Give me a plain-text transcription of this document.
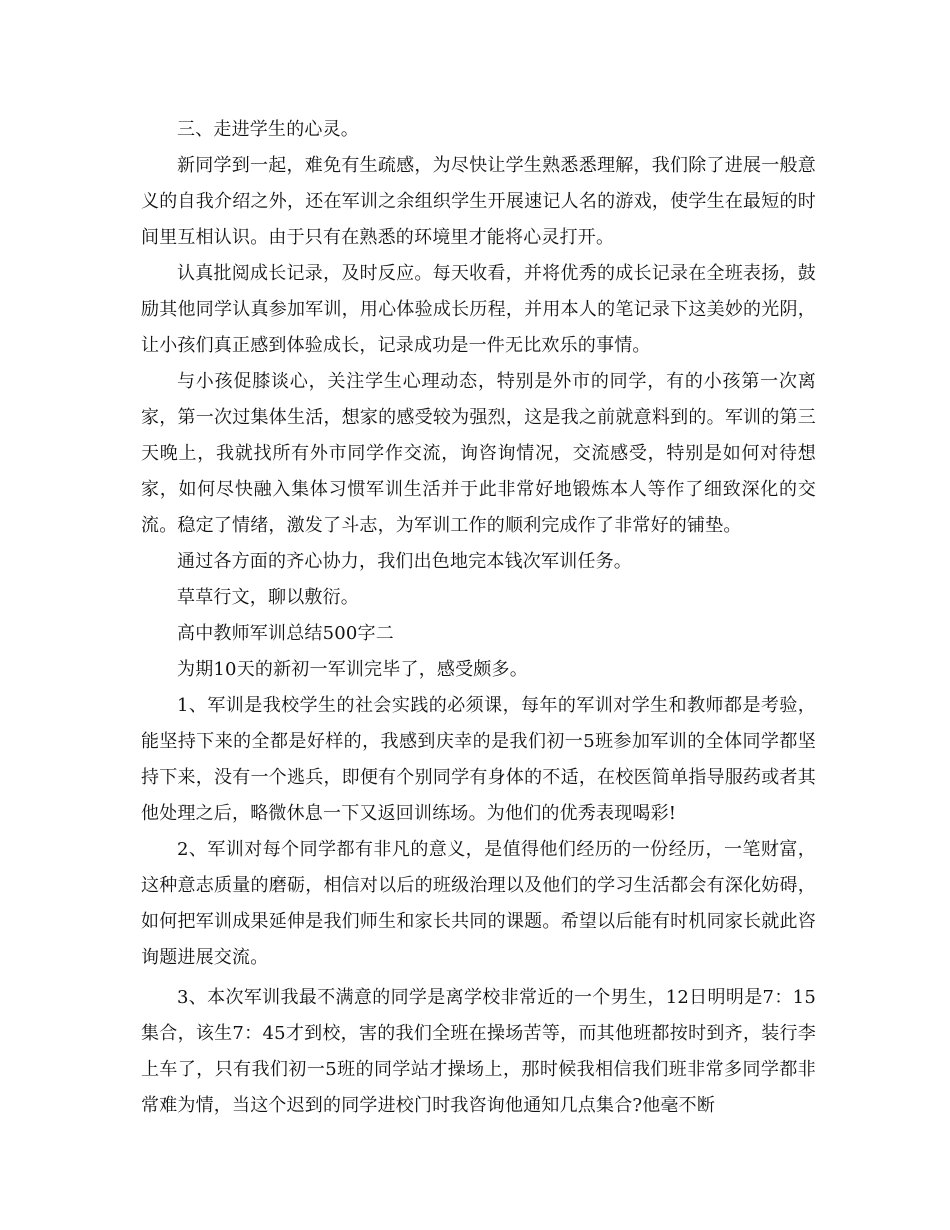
三、走进学生的心灵。

新同学到一起，难免有生疏感，为尽快让学生熟悉悉理解，我们除了进展一般意义的自我介绍之外，还在军训之余组织学生开展速记人名的游戏，使学生在最短的时间里互相认识。由于只有在熟悉的环境里才能将心灵打开。

认真批阅成长记录，及时反应。每天收看，并将优秀的成长记录在全班表扬，鼓励其他同学认真参加军训，用心体验成长历程，并用本人的笔记录下这美妙的光阴，让小孩们真正感到体验成长，记录成功是一件无比欢乐的事情。

与小孩促膝谈心，关注学生心理动态，特别是外市的同学，有的小孩第一次离家，第一次过集体生活，想家的感受较为强烈，这是我之前就意料到的。军训的第三天晚上，我就找所有外市同学作交流，询咨询情况，交流感受，特别是如何对待想家，如何尽快融入集体习惯军训生活并于此非常好地锻炼本人等作了细致深化的交流。稳定了情绪，激发了斗志，为军训工作的顺利完成作了非常好的铺垫。

通过各方面的齐心协力，我们出色地完本钱次军训任务。

草草行文，聊以敷衍。

高中教师军训总结500字二

为期10天的新初一军训完毕了，感受颇多。

1、军训是我校学生的社会实践的必须课，每年的军训对学生和教师都是考验，能坚持下来的全都是好样的，我感到庆幸的是我们初一5班参加军训的全体同学都坚持下来，没有一个逃兵，即便有个别同学有身体的不适，在校医简单指导服药或者其他处理之后，略微休息一下又返回训练场。为他们的优秀表现喝彩!

2、军训对每个同学都有非凡的意义，是值得他们经历的一份经历，一笔财富，这种意志质量的磨砺，相信对以后的班级治理以及他们的学习生活都会有深化妨碍，如何把军训成果延伸是我们师生和家长共同的课题。希望以后能有时机同家长就此咨询题进展交流。

3、本次军训我最不满意的同学是离学校非常近的一个男生，12日明明是7：15集合，该生7：45才到校，害的我们全班在操场苦等，而其他班都按时到齐，装行李上车了，只有我们初一5班的同学站才操场上，那时候我相信我们班非常多同学都非常难为情，当这个迟到的同学进校门时我咨询他通知几点集合?他毫不断
